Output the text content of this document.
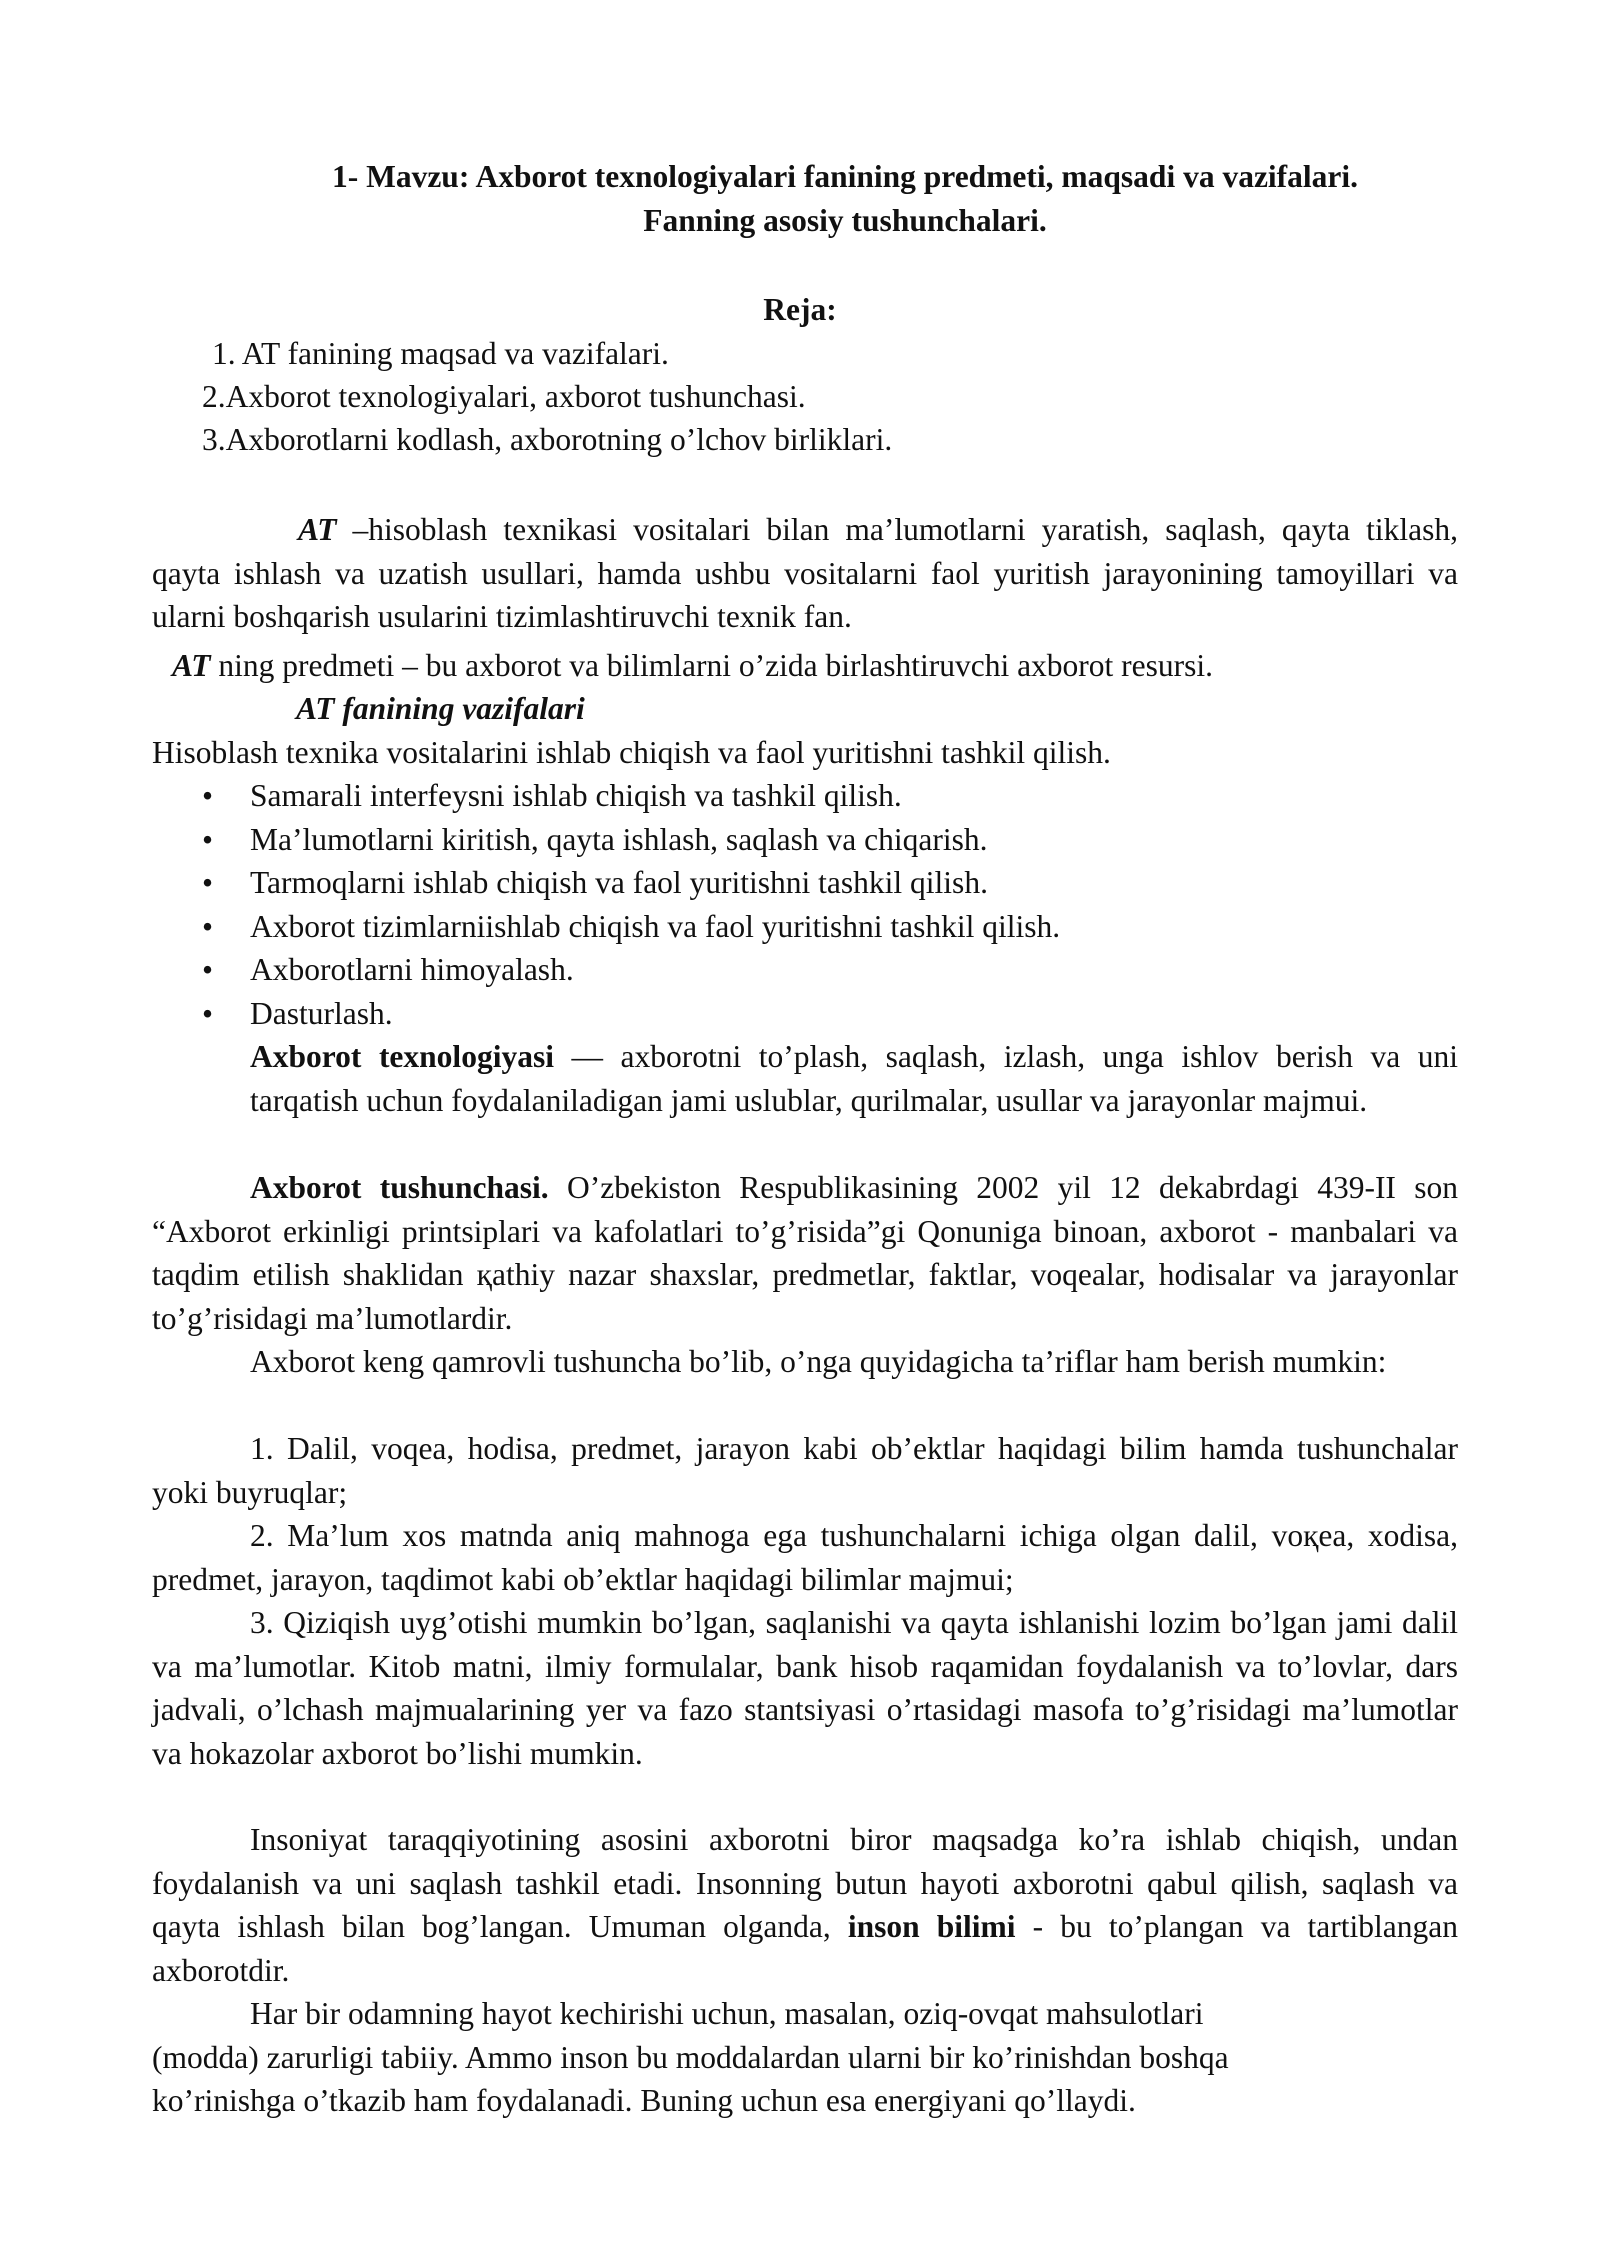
1- Mavzu: Axborot texnologiyalari fanining predmeti, maqsadi va vazifalari.
Fanning asosiy tushunchalari.
Reja:
1. AT fanining maqsad va vazifalari.
2.Axborot texnologiyalari, axborot tushunchasi.
3.Axborotlarni kodlash, axborotning o’lchov birliklari.
AT –hisoblash texnikasi vositalari bilan ma’lumotlarni yaratish, saqlash, qayta tiklash, qayta ishlash va uzatish usullari, hamda ushbu vositalarni faol yuritish jarayonining tamoyillari va ularni boshqarish usularini tizimlashtiruvchi texnik fan.
AT ning predmeti – bu axborot va bilimlarni o’zida birlashtiruvchi axborot resursi.
AT fanining vazifalari
Hisoblash texnika vositalarini ishlab chiqish va faol yuritishni tashkil qilish.
• Samarali interfeysni ishlab chiqish va tashkil qilish.
• Ma’lumotlarni kiritish, qayta ishlash, saqlash va chiqarish.
• Tarmoqlarni ishlab chiqish va faol yuritishni tashkil qilish.
• Axborot tizimlarniishlab chiqish va faol yuritishni tashkil qilish.
• Axborotlarni himoyalash.
• Dasturlash.
Axborot texnologiyasi — axborotni to’plash, saqlash, izlash, unga ishlov berish va uni tarqatish uchun foydalaniladigan jami uslublar, qurilmalar, usullar va jarayonlar majmui.
Axborot tushunchasi. O’zbekiston Respublikasining 2002 yil 12 dekabrdagi 439-II son “Axborot erkinligi printsiplari va kafolatlari to’g’risida”gi Qonuniga binoan, axborot - manbalari va taqdim etilish shaklidan қathiy nazar shaxslar, predmetlar, faktlar, voqealar, hodisalar va jarayonlar to’g’risidagi ma’lumotlardir.
Axborot keng qamrovli tushuncha bo’lib, o’nga quyidagicha ta’riflar ham berish mumkin:
1. Dalil, voqea, hodisa, predmet, jarayon kabi ob’ektlar haqidagi bilim hamda tushunchalar yoki buyruqlar;
2. Ma’lum xos matnda aniq mahnoga ega tushunchalarni ichiga olgan dalil, voқea, xodisa, predmet, jarayon, taqdimot kabi ob’ektlar haqidagi bilimlar majmui;
3. Qiziqish uyg’otishi mumkin bo’lgan, saqlanishi va qayta ishlanishi lozim bo’lgan jami dalil va ma’lumotlar. Kitob matni, ilmiy formulalar, bank hisob raqamidan foydalanish va to’lovlar, dars jadvali, o’lchash majmualarining yer va fazo stantsiyasi o’rtasidagi masofa to’g’risidagi ma’lumotlar va hokazolar axborot bo’lishi mumkin.
Insoniyat taraqqiyotining asosini axborotni biror maqsadga ko’ra ishlab chiqish, undan foydalanish va uni saqlash tashkil etadi. Insonning butun hayoti axborotni qabul qilish, saqlash va qayta ishlash bilan bog’langan. Umuman olganda, inson bilimi - bu to’plangan va tartiblangan axborotdir.

Har bir odamning hayot kechirishi uchun, masalan, oziq-ovqat mahsulotlari

(modda) zarurligi tabiiy. Ammo inson bu moddalardan ularni bir ko’rinishdan boshqa

ko’rinishga o’tkazib ham foydalanadi. Buning uchun esa energiyani qo’llaydi.
